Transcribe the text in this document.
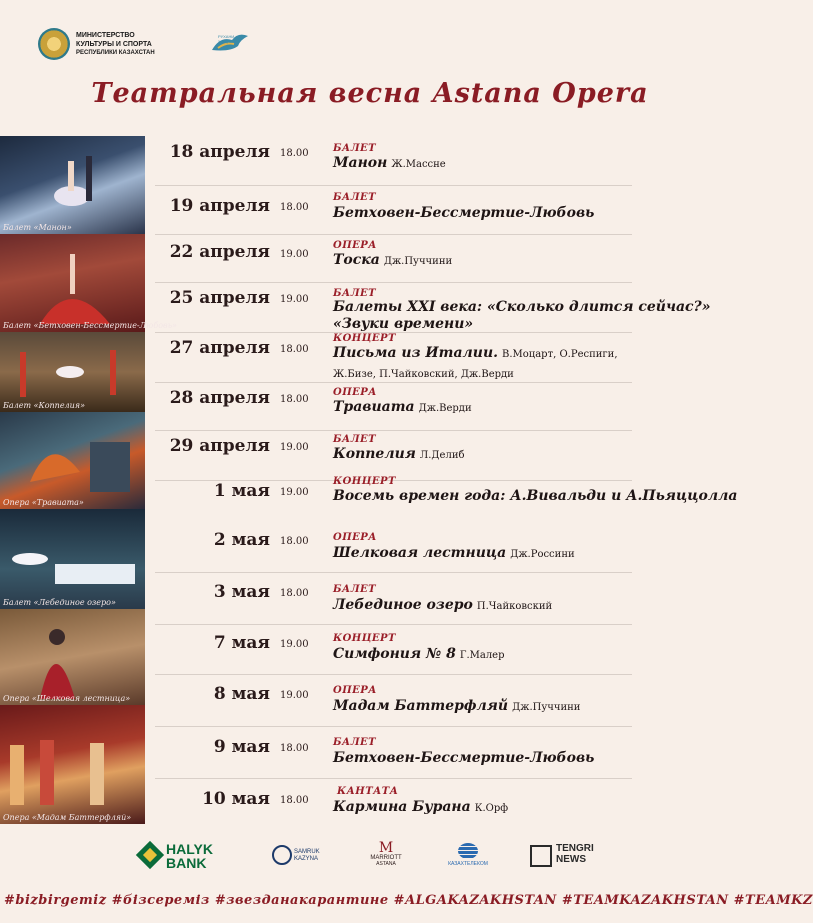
МИНИСТЕРСТВО
КУЛЬТУРЫ И СПОРТА
РЕСПУБЛИКИ КАЗАХСТАН
РУХАНИ ЖАҢҒЫРУ
Театральная весна Astana Opera
Балет «Манон»
Балет «Бетховен-Бессмертие-Любовь»
Балет «Коппелия»
Опера «Травиата»
Балет «Лебединое озеро»
Опера «Шелковая лестница»
Опера «Мадам Баттерфляй»
18 апреля 18.00 БАЛЕТ
Манон Ж.Массне
19 апреля 18.00
БАЛЕТ
Бетховен-Бессмертие-Любовь
22 апреля 19.00
ОПЕРА
Тоска Дж.Пуччини
25 апреля 19.00
БАЛЕТ
Балеты XXI века: «Сколько длится сейчас?»
«Звуки времени»
27 апреля 18.00
КОНЦЕРТ
Письма из Италии. В.Моцарт, О.Респиги,
Ж.Бизе, П.Чайковский, Дж.Верди
28 апреля 18.00
ОПЕРА
Травиата Дж.Верди
29 апреля 19.00
БАЛЕТ
Коппелия Л.Делиб
1 мая 19.00
КОНЦЕРТ
Восемь времен года: А.Вивальди и А.Пьяццолла
2 мая 18.00 ОПЕРА
Шелковая лестница Дж.Россини
3 мая 18.00 БАЛЕТ
Лебединое озеро П.Чайковский
7 мая 19.00
КОНЦЕРТ
Симфония № 8 Г.Малер
8 мая 19.00 ОПЕРА
Мадам Баттерфляй Дж.Пуччини
9 мая 18.00
БАЛЕТ
Бетховен-Бессмертие-Любовь
10 мая 18.00
КАНТАТА
Кармина Бурана К.Орф
HALYK
BANK
SAMRUK KAZYNA
M
MARRIOTT
ASTANA	КАЗАХТЕЛЕКОМ
TENGRI
NEWS
#bizbirgemiz #бізсереміз #звезданакарантине #ALGAKAZAKHSTAN #TEAMKAZAKHSTAN #TEAMKZ
